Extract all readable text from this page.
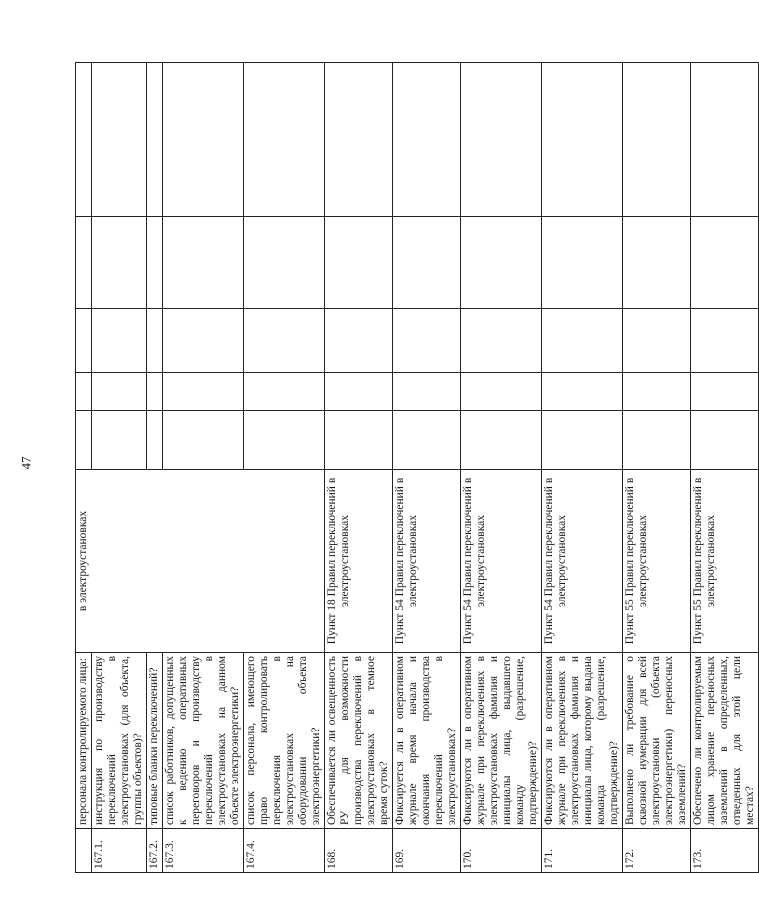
47
	персонала контролируемого лица:	в электроустановках					
167.1.	инструкция по производству переключений в электроустановках (для объекта, группы объектов)?						
167.2.	типовые бланки переключений?						
167.3.	список работников, допущенных к ведению оперативных переговоров и производству переключений в электроустановках на данном объекте электроэнергетики?						
167.4.	список персонала, имеющего право контролировать переключения в электроустановках на оборудовании объекта электроэнергетики?						
168.	Обеспечивается ли освещенность РУ для возможности производства переключений в электроустановках в темное время суток?	Пункт 18 Правил переключений в электроустановках					
169.	Фиксируется ли в оперативном журнале время начала и окончания производства переключений в электроустановках?	Пункт 54 Правил переключений в электроустановках					
170.	Фиксируются ли в оперативном журнале при переключениях в электроустановках фамилия и инициалы лица, выдавшего команду (разрешение, подтверждение)?	Пункт 54 Правил переключений в электроустановках					
171.	Фиксируются ли в оперативном журнале при переключениях в электроустановках фамилия и инициалы лица, которому выдана команда (разрешение, подтверждение)?	Пункт 54 Правил переключений в электроустановках					
172.	Выполнено ли требование о сквозной нумерации для всей электроустановки (объекта электроэнергетики) переносных заземлений?	Пункт 55 Правил переключений в электроустановках					
173.	Обеспечено ли контролируемым лицом хранение переносных заземлений в определенных, отведенных для этой цели местах?	Пункт 55 Правил переключений в электроустановках					
